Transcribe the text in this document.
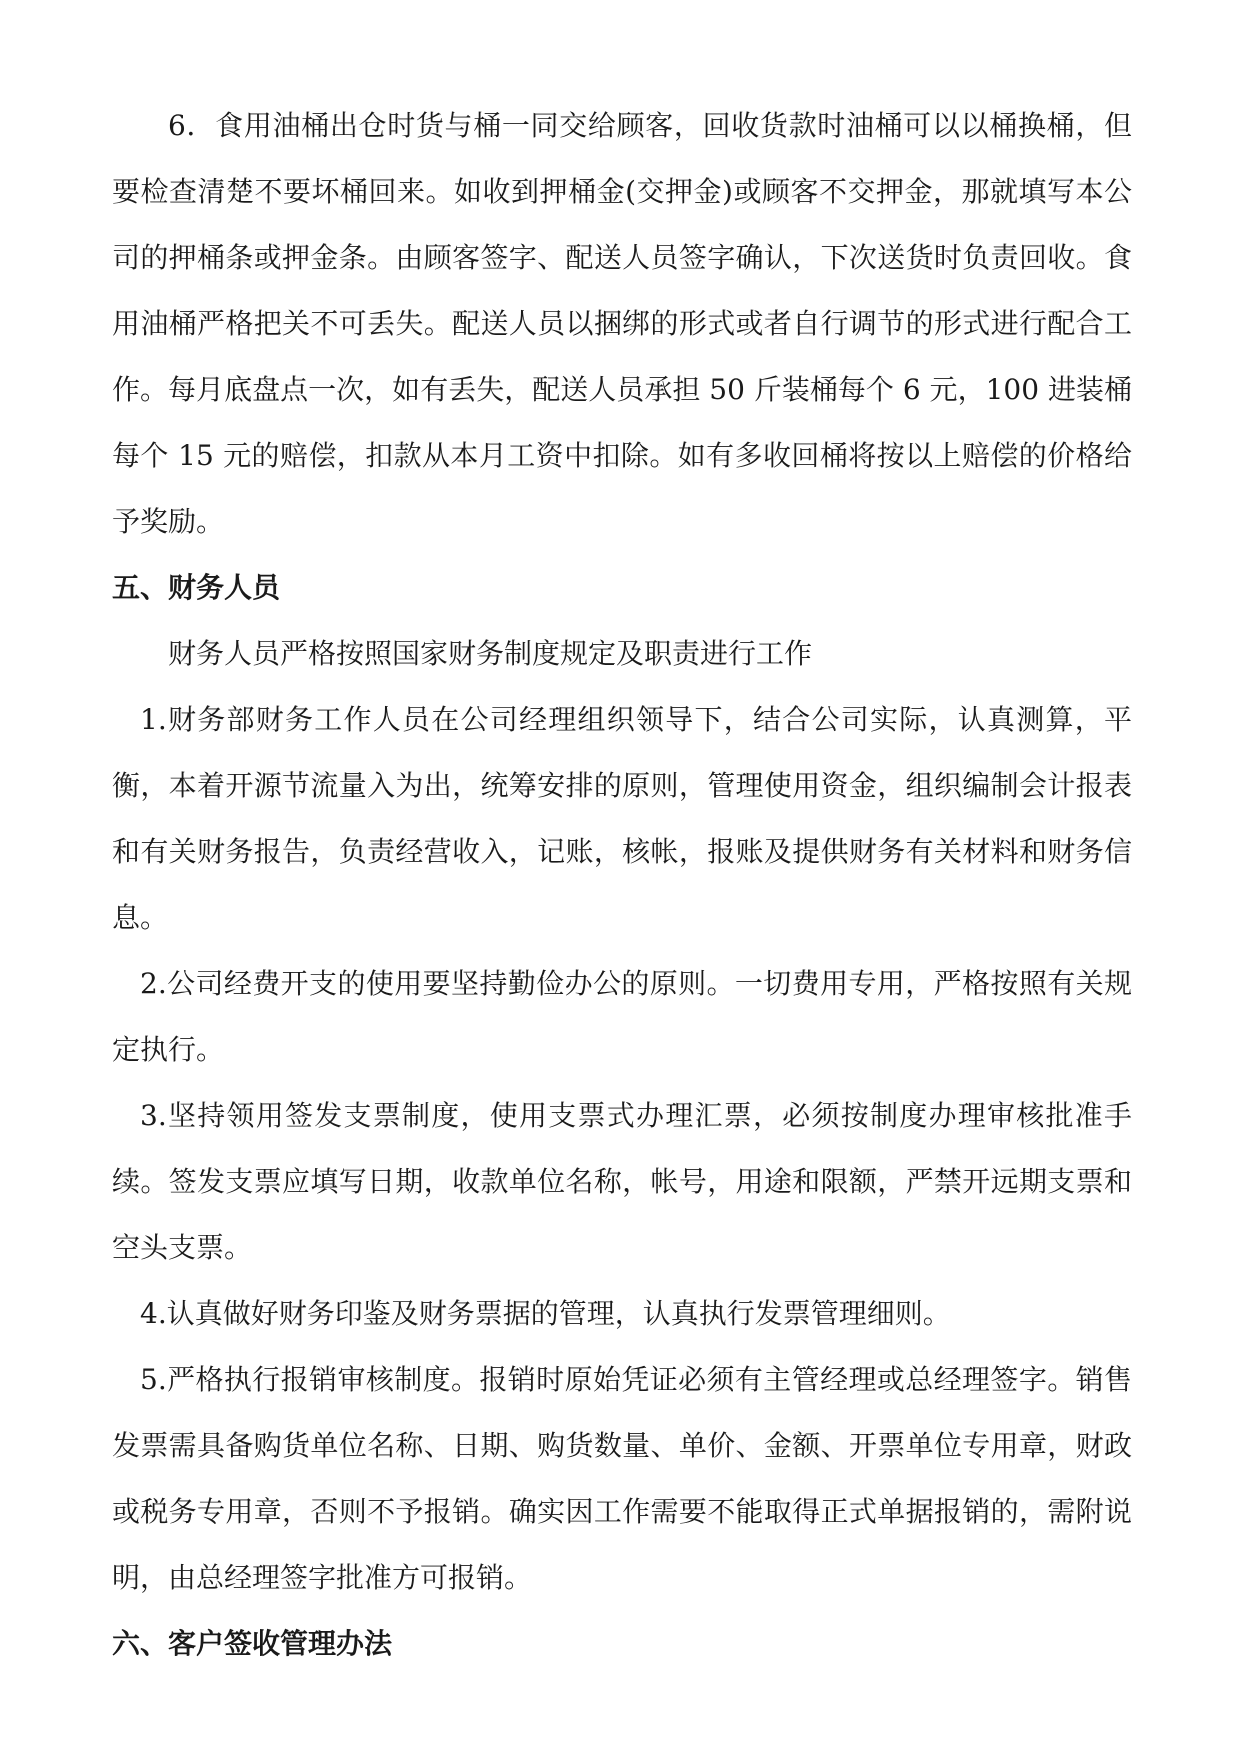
6．食用油桶出仓时货与桶一同交给顾客，回收货款时油桶可以以桶换桶，但要检查清楚不要坏桶回来。如收到押桶金(交押金)或顾客不交押金，那就填写本公司的押桶条或押金条。由顾客签字、配送人员签字确认，下次送货时负责回收。食用油桶严格把关不可丢失。配送人员以捆绑的形式或者自行调节的形式进行配合工作。每月底盘点一次，如有丢失，配送人员承担 50 斤装桶每个 6 元，100 进装桶每个 15 元的赔偿，扣款从本月工资中扣除。如有多收回桶将按以上赔偿的价格给予奖励。

五、财务人员

财务人员严格按照国家财务制度规定及职责进行工作

1.财务部财务工作人员在公司经理组织领导下，结合公司实际，认真测算，平衡，本着开源节流量入为出，统筹安排的原则，管理使用资金，组织编制会计报表和有关财务报告，负责经营收入，记账，核帐，报账及提供财务有关材料和财务信息。

2.公司经费开支的使用要坚持勤俭办公的原则。一切费用专用，严格按照有关规定执行。

3.坚持领用签发支票制度，使用支票式办理汇票，必须按制度办理审核批准手续。签发支票应填写日期，收款单位名称，帐号，用途和限额，严禁开远期支票和空头支票。

4.认真做好财务印鉴及财务票据的管理，认真执行发票管理细则。

5.严格执行报销审核制度。报销时原始凭证必须有主管经理或总经理签字。销售发票需具备购货单位名称、日期、购货数量、单价、金额、开票单位专用章，财政或税务专用章，否则不予报销。确实因工作需要不能取得正式单据报销的，需附说明，由总经理签字批准方可报销。

六、客户签收管理办法
